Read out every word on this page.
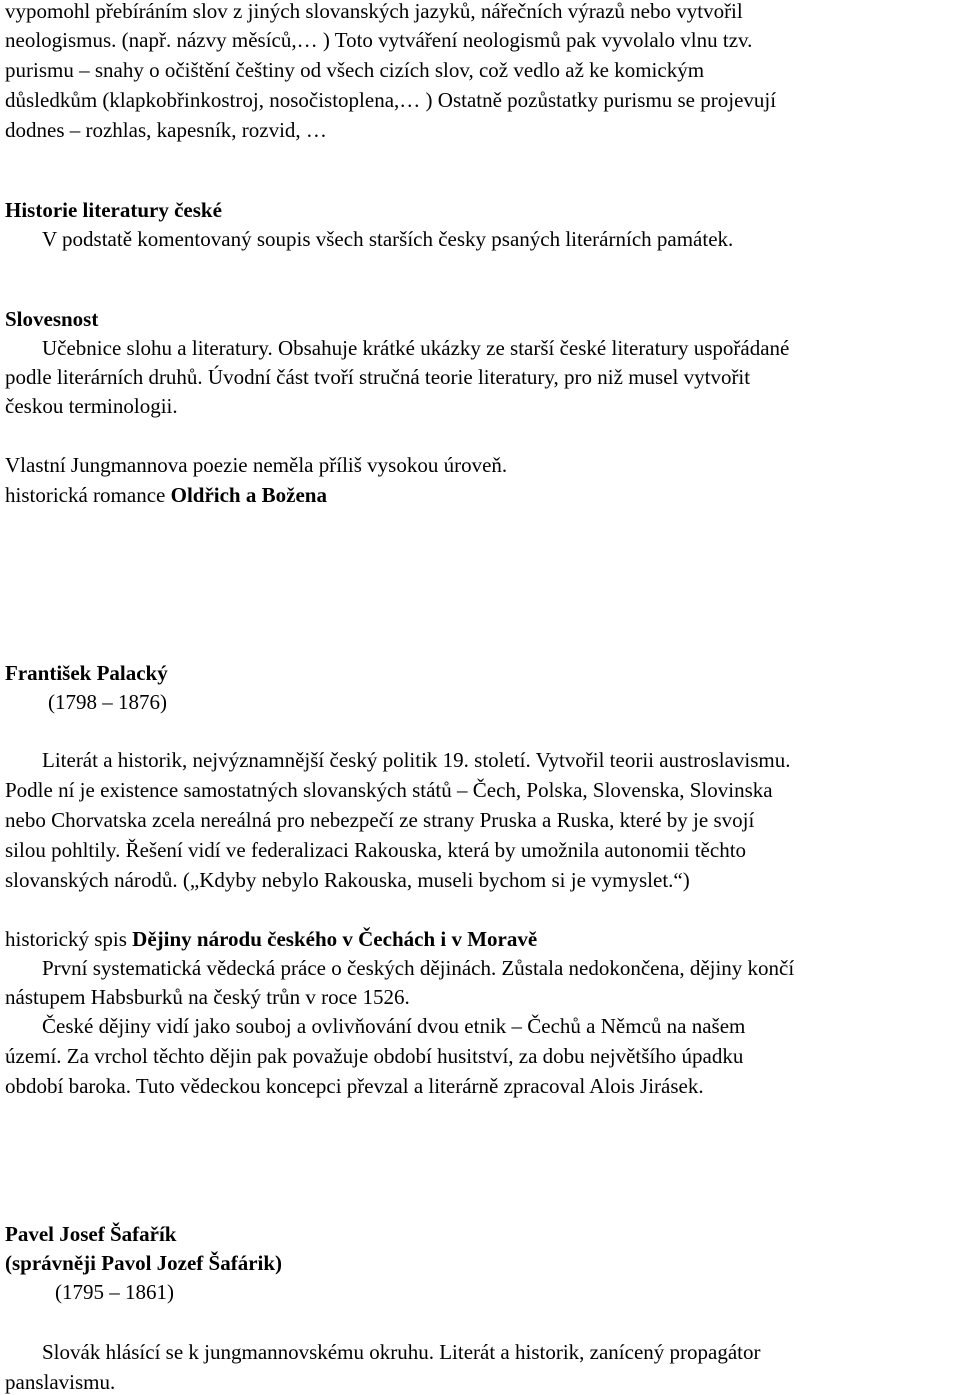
vypomohl přebíráním slov z jiných slovanských jazyků, nářečních výrazů nebo vytvořil
neologismus. (např. názvy měsíců,… ) Toto vytváření neologismů pak vyvolalo vlnu tzv.
purismu – snahy o očištění češtiny od všech cizích slov, což vedlo až ke komickým
důsledkům (klapkobřinkostroj, nosočistoplena,… ) Ostatně pozůstatky purismu se projevují
dodnes – rozhlas, kapesník, rozvid, …
Historie literatury české
V podstatě komentovaný soupis všech starších česky psaných literárních památek.
Slovesnost
Učebnice slohu a literatury. Obsahuje krátké ukázky ze starší české literatury uspořádané
podle literárních druhů. Úvodní část tvoří stručná teorie literatury, pro niž musel vytvořit
českou terminologii.
Vlastní Jungmannova poezie neměla příliš vysokou úroveň.
historická romance Oldřich a Božena
František Palacký
(1798 – 1876)
Literát a historik, nejvýznamnější český politik 19. století. Vytvořil teorii austroslavismu.
Podle ní je existence samostatných slovanských států – Čech, Polska, Slovenska, Slovinska
nebo Chorvatska zcela nereálná pro nebezpečí ze strany Pruska a Ruska, které by je svojí
silou pohltily. Řešení vidí ve federalizaci Rakouska, která by umožnila autonomii těchto
slovanských národů. („Kdyby nebylo Rakouska, museli bychom si je vymyslet.“)
historický spis Dějiny národu českého v Čechách i v Moravě
První systematická vědecká práce o českých dějinách. Zůstala nedokončena, dějiny končí
nástupem Habsburků na český trůn v roce 1526.
České dějiny vidí jako souboj a ovlivňování dvou etnik – Čechů a Němců na našem
území. Za vrchol těchto dějin pak považuje období husitství, za dobu největšího úpadku
období baroka. Tuto vědeckou koncepci převzal a literárně zpracoval Alois Jirásek.
Pavel Josef Šafařík
(správněji Pavol Jozef Šafárik)
(1795 – 1861)
Slovák hlásící se k jungmannovskému okruhu. Literát a historik, zanícený propagátor
panslavismu.
